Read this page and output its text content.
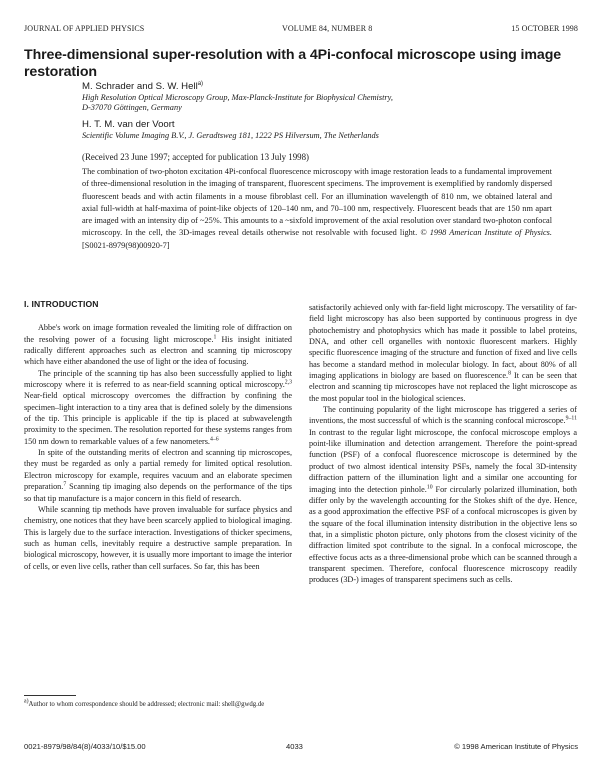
JOURNAL OF APPLIED PHYSICS	VOLUME 84, NUMBER 8	15 OCTOBER 1998
Three-dimensional super-resolution with a 4Pi-confocal microscope using image restoration
M. Schrader and S. W. Hell$^{a)}$
High Resolution Optical Microscopy Group, Max-Planck-Institute for Biophysical Chemistry,
D-37070 Göttingen, Germany
H. T. M. van der Voort
Scientific Volume Imaging B.V., J. Geradtsweg 181, 1222 PS Hilversum, The Netherlands
(Received 23 June 1997; accepted for publication 13 July 1998)

The combination of two-photon excitation 4Pi-confocal fluorescence microscopy with image restoration leads to a fundamental improvement of three-dimensional resolution in the imaging of transparent, fluorescent specimens. The improvement is exemplified by randomly dispersed fluorescent beads and with actin filaments in a mouse fibroblast cell. For an illumination wavelength of 810 nm, we obtained lateral and axial full-width at half-maxima of point-like objects of 120–140 nm, and 70–100 nm, respectively. Fluorescent beads that are 150 nm apart are imaged with an intensity dip of ~25%. This amounts to a ~sixfold improvement of the axial resolution over standard two-photon confocal microscopy. In the cell, the 3D-images reveal details otherwise not resolvable with focused light. © 1998 American Institute of Physics. [S0021-8979(98)00920-7]

I. INTRODUCTION

Abbe's work on image formation revealed the limiting role of diffraction on the resolving power of a focusing light microscope.$^1$ His insight initiated radically different approaches such as electron and scanning tip microscopy which have either abandoned the use of light or the idea of focusing.

The principle of the scanning tip has also been successfully applied to light microscopy where it is referred to as near-field scanning optical microscopy.$^{2,3}$ Near-field optical microscopy overcomes the diffraction by confining the specimen–light interaction to a tiny area that is defined solely by the dimensions of the tip. This principle is applicable if the tip is placed at subwavelength proximity to the specimen. The resolution reported for these systems ranges from 150 nm down to remarkable values of a few nanometers.$^{4-6}$

In spite of the outstanding merits of electron and scanning tip microscopes, they must be regarded as only a partial remedy for limited optical resolution. Electron microscopy for example, requires vacuum and an elaborate specimen preparation.$^7$ Scanning tip imaging also depends on the performance of the tips so that tip manufacture is a major concern in this field of research.

While scanning tip methods have proven invaluable for surface physics and chemistry, one notices that they have been scarcely applied to biological imaging. This is largely due to the surface interaction. Investigations of thicker specimens, such as human cells, inevitably require a destructive sample preparation. In biological microscopy, however, it is usually more important to image the interior of cells, or even live cells, rather than cell surfaces. So far, this has been

satisfactorily achieved only with far-field light microscopy. The versatility of far-field light microscopy has also been supported by continuous progress in dye photochemistry and photophysics which has made it possible to label proteins, DNA, and other cell organelles with nontoxic fluorescent markers. Highly specific fluorescence imaging of the structure and function of fixed and live cells has become a standard method in molecular biology. In fact, about 80% of all imaging applications in biology are based on fluorescence.$^8$ It can be seen that electron and scanning tip microscopes have not replaced the light microscope as the most popular tool in the biological sciences.

The continuing popularity of the light microscope has triggered a series of inventions, the most successful of which is the scanning confocal microscope.$^{9-11}$ In contrast to the regular light microscope, the confocal microscope employs a point-like illumination and detection arrangement. Therefore the point-spread function (PSF) of a confocal fluorescence microscope is determined by the product of two almost identical intensity PSFs, namely the focal 3D-intensity diffraction pattern of the illumination light and a similar one accounting for imaging into the detection pinhole.$^{10}$ For circularly polarized illumination, both differ only by the wavelength accounting for the Stokes shift of the dye. Hence, as a good approximation the effective PSF of a confocal microscopes is given by the square of the focal illumination intensity distribution in the objective lens so that, in a simplistic photon picture, only photons from the closest vicinity of the diffraction limited spot contribute to the signal. In a confocal microscope, the effective focus acts as a three-dimensional probe which can be scanned through a transparent specimen. Therefore, confocal fluorescence microscopy readily produces (3D-) images of transparent specimens such as cells.

$^{a)}$Author to whom correspondence should be addressed; electronic mail: shell@gwdg.de
0021-8979/98/84(8)/4033/10/$15.00	4033	© 1998 American Institute of Physics
